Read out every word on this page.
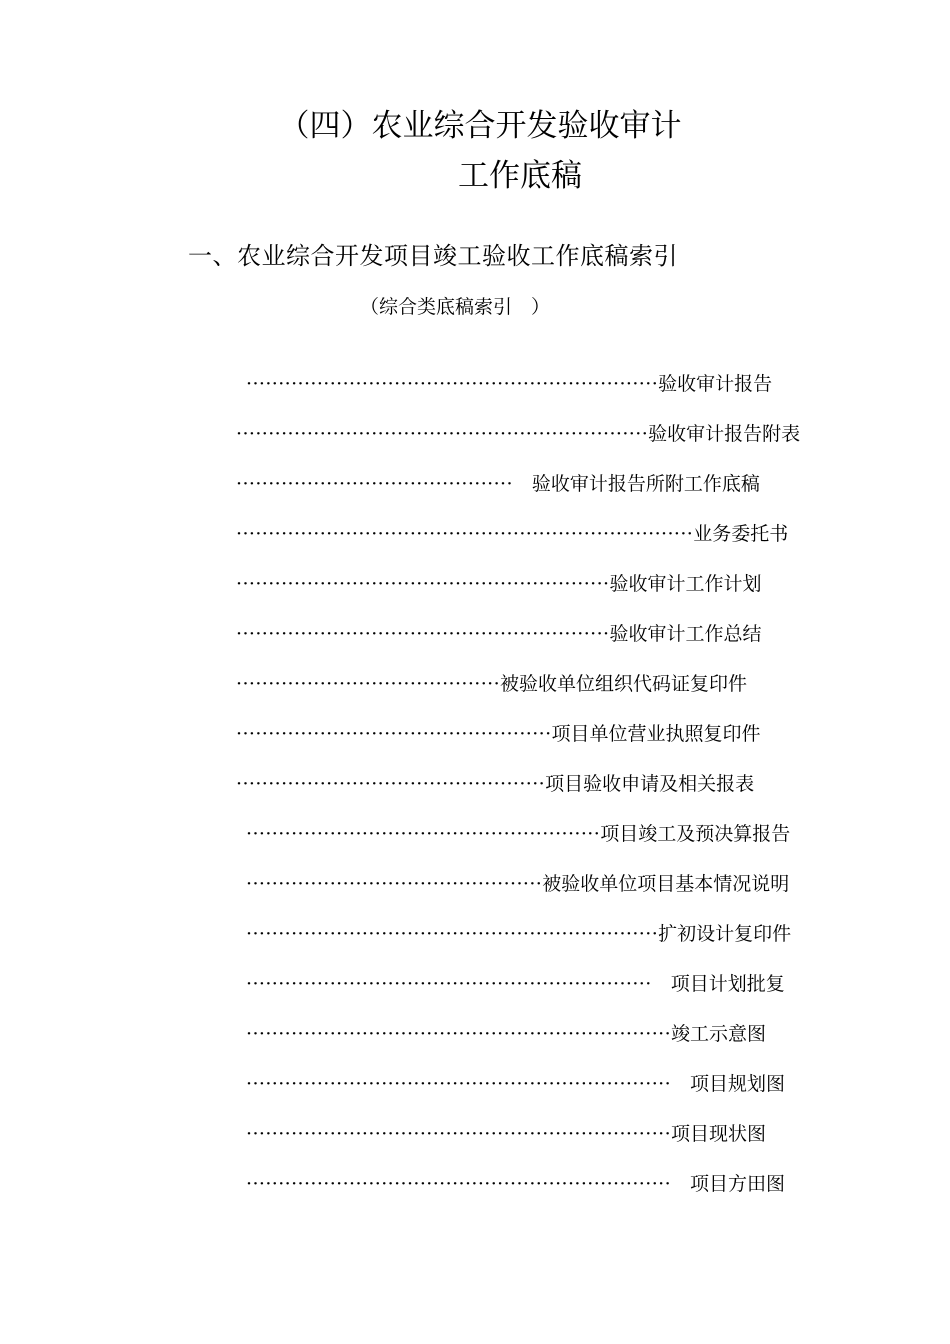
（四）农业综合开发验收审计
工作底稿
一、农业综合开发项目竣工验收工作底稿索引
（综合类底稿索引　）
································································验收审计报告
································································验收审计报告附表
···········································　验收审计报告所附工作底稿
·······································································业务委托书
··························································验收审计工作计划
··························································验收审计工作总结
·········································被验收单位组织代码证复印件
·················································项目单位营业执照复印件
················································项目验收申请及相关报表
·······················································项目竣工及预决算报告
··············································被验收单位项目基本情况说明
································································扩初设计复印件
·······························································　项目计划批复
··································································竣工示意图
··································································　项目规划图
··································································项目现状图
··································································　项目方田图
